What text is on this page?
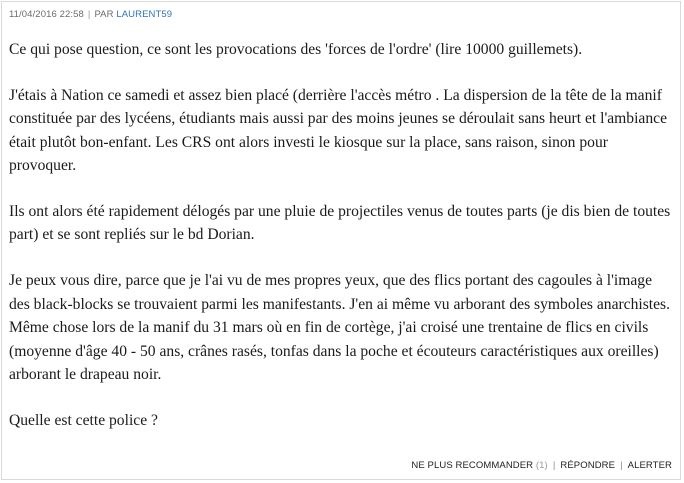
11/04/2016 22:58 | PAR LAURENT59

Ce qui pose question, ce sont les provocations des 'forces de l'ordre' (lire 10000 guillemets).

J'étais à Nation ce samedi et assez bien placé (derrière l'accès métro . La dispersion de la tête de la manif constituée par des lycéens, étudiants mais aussi par des moins jeunes se déroulait sans heurt et l'ambiance était plutôt bon-enfant. Les CRS ont alors investi le kiosque sur la place, sans raison, sinon pour provoquer.

Ils ont alors été rapidement délogés par une pluie de projectiles venus de toutes parts (je dis bien de toutes part) et se sont repliés sur le bd Dorian.

Je peux vous dire, parce que je l'ai vu de mes propres yeux, que des flics portant des cagoules à l'image des black-blocks se trouvaient parmi les manifestants. J'en ai même vu arborant des symboles anarchistes. Même chose lors de la manif du 31 mars où en fin de cortège, j'ai croisé une trentaine de flics en civils (moyenne d'âge 40 - 50 ans, crânes rasés, tonfas dans la poche et écouteurs caractéristiques aux oreilles) arborant le drapeau noir.

Quelle est cette police ?

NE PLUS RECOMMANDER (1) | RÉPONDRE | ALERTER
